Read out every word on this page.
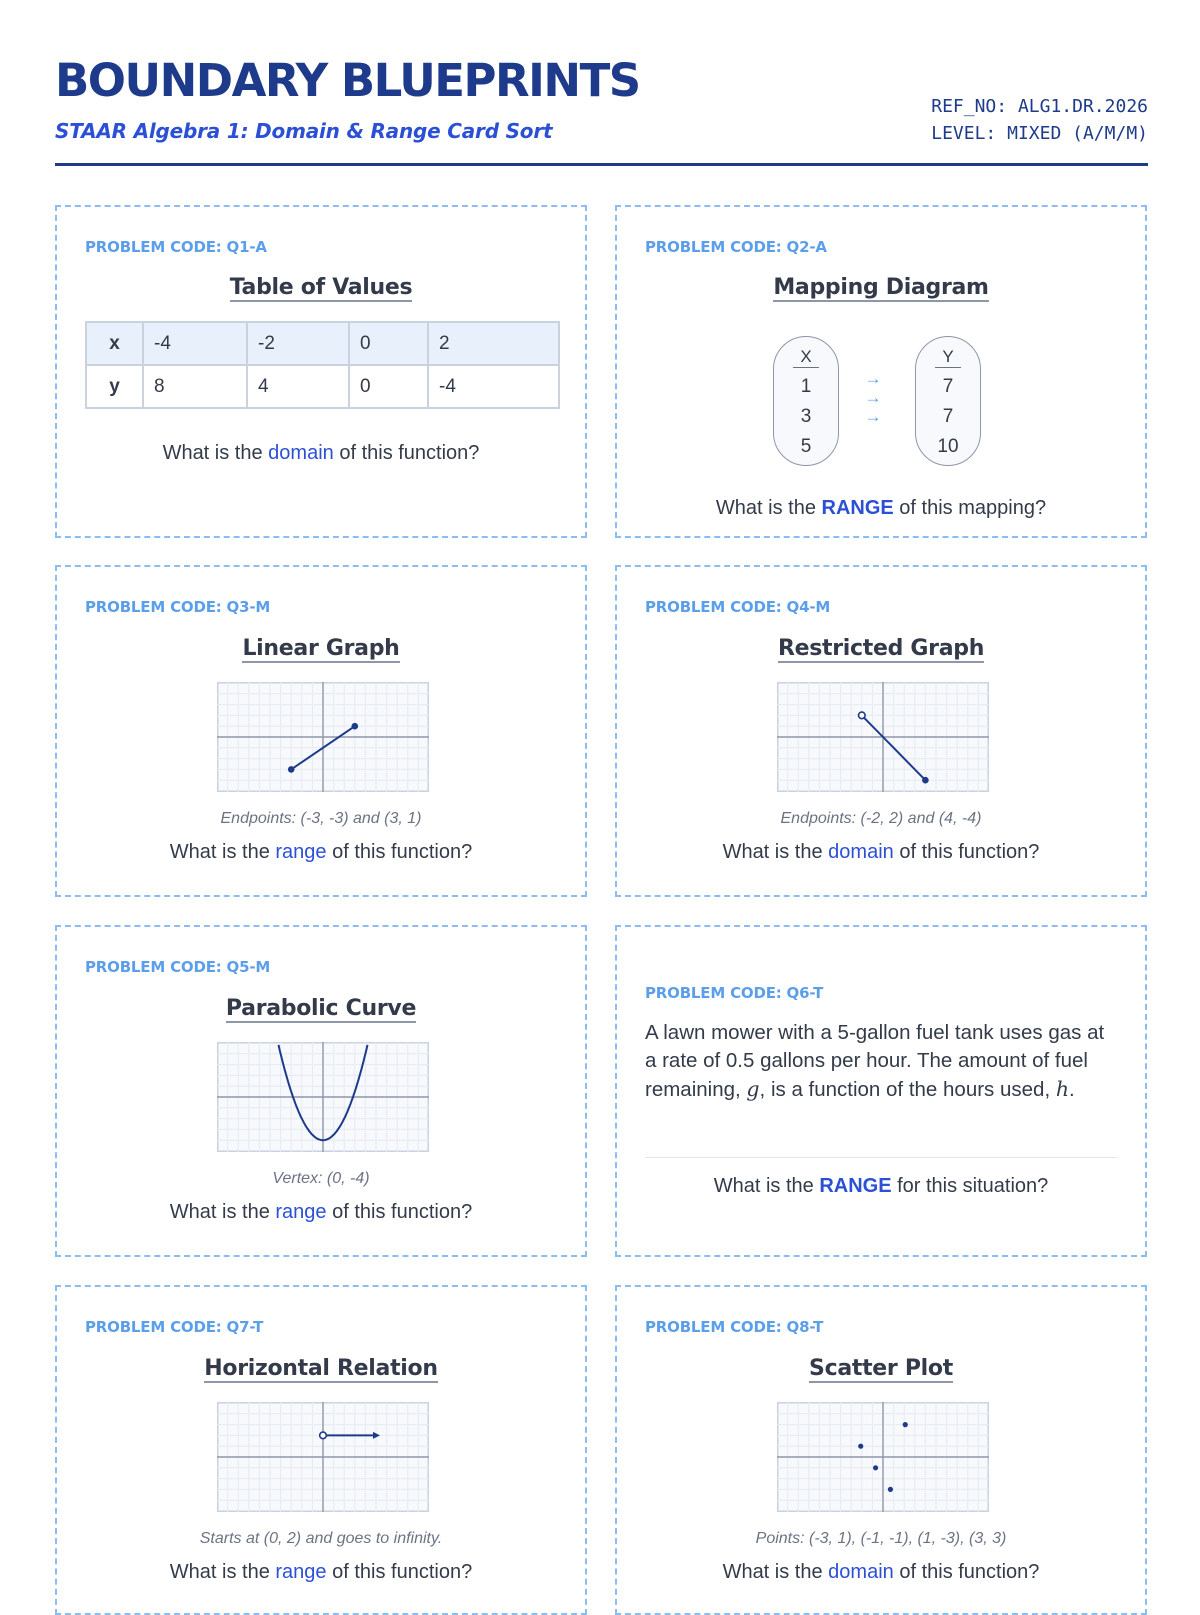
BOUNDARY BLUEPRINTS
STAAR Algebra 1: Domain & Range Card Sort
REF_NO: ALG1.DR.2026
LEVEL: MIXED (A/M/M)
PROBLEM CODE: Q1-A
Table of Values
x	-4	-2	0	2
y	8	4	0	-4
What is the domain of this function?
PROBLEM CODE: Q2-A
Mapping Diagram
X
1
3
5
→
→
→
Y
7
7
10
What is the RANGE of this mapping?
PROBLEM CODE: Q3-M
Linear Graph
Endpoints: (-3, -3) and (3, 1)
What is the range of this function?
PROBLEM CODE: Q4-M
Restricted Graph
Endpoints: (-2, 2) and (4, -4)
What is the domain of this function?
PROBLEM CODE: Q5-M
Parabolic Curve
Vertex: (0, -4)
What is the range of this function?
PROBLEM CODE: Q6-T
A lawn mower with a 5-gallon fuel tank uses gas at a rate of 0.5 gallons per hour. The amount of fuel remaining, g, is a function of the hours used, h.
What is the RANGE for this situation?
PROBLEM CODE: Q7-T
Horizontal Relation
Starts at (0, 2) and goes to infinity.
What is the range of this function?
PROBLEM CODE: Q8-T
Scatter Plot
Points: (-3, 1), (-1, -1), (1, -3), (3, 3)
What is the domain of this function?
